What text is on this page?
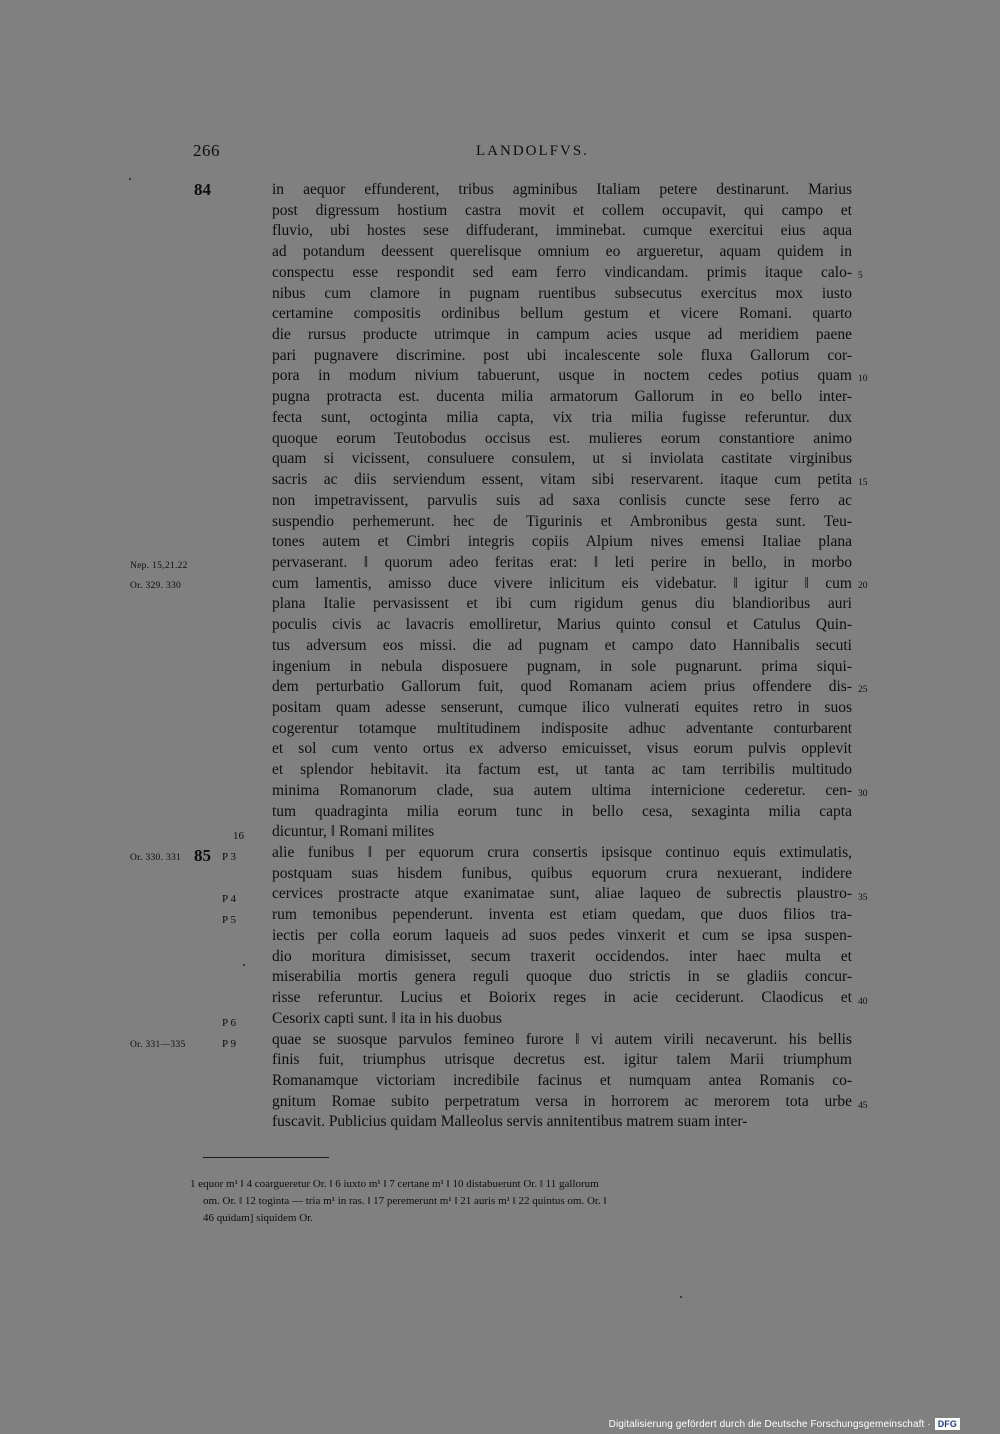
266	LANDOLFVS.
84
85
Nep. 15,21.22
Or. 329. 330
Or. 330. 331
Or. 331—335
16
P 3
P 4
P 5
P 6
P 9
5
10
15
20
25
30
35
40
45
in aequor effunderent, tribus agminibus Italiam petere destinarunt. Marius
post digressum hostium castra movit et collem occupavit, qui campo et
fluvio, ubi hostes sese diffuderant, imminebat. cumque exercitui eius aqua
ad potandum deessent querelisque omnium eo argueretur, aquam quidem in
conspectu esse respondit sed eam ferro vindicandam. primis itaque calo-
nibus cum clamore in pugnam ruentibus subsecutus exercitus mox iusto
certamine compositis ordinibus bellum gestum et vicere Romani. quarto
die rursus producte utrimque in campum acies usque ad meridiem paene
pari pugnavere discrimine. post ubi incalescente sole fluxa Gallorum cor-
pora in modum nivium tabuerunt, usque in noctem cedes potius quam
pugna protracta est. ducenta milia armatorum Gallorum in eo bello inter-
fecta sunt, octoginta milia capta, vix tria milia fugisse referuntur. dux
quoque eorum Teutobodus occisus est. mulieres eorum constantiore animo
quam si vicissent, consuluere consulem, ut si inviolata castitate virginibus
sacris ac diis serviendum essent, vitam sibi reservarent. itaque cum petita
non impetravissent, parvulis suis ad saxa conlisis cuncte sese ferro ac
suspendio perhemerunt. hec de Tigurinis et Ambronibus gesta sunt. Teu-
tones autem et Cimbri integris copiis Alpium nives emensi Italiae plana
pervaserant. ‖ quorum adeo feritas erat: ‖ leti perire in bello, in morbo
cum lamentis, amisso duce vivere inlicitum eis videbatur. ‖ igitur ‖ cum
plana Italie pervasissent et ibi cum rigidum genus diu blandioribus auri
poculis civis ac lavacris emolliretur, Marius quinto consul et Catulus Quin-
tus adversum eos missi. die ad pugnam et campo dato Hannibalis secuti
ingenium in nebula disposuere pugnam, in sole pugnarunt. prima siqui-
dem perturbatio Gallorum fuit, quod Romanam aciem prius offendere dis-
positam quam adesse senserunt, cumque ilico vulnerati equites retro in suos
cogerentur totamque multitudinem indisposite adhuc adventante conturbarent
et sol cum vento ortus ex adverso emicuisset, visus eorum pulvis opplevit
et splendor hebitavit. ita factum est, ut tanta ac tam terribilis multitudo
minima Romanorum clade, sua autem ultima internicione cederetur. cen-
tum quadraginta milia eorum tunc in bello cesa, sexaginta milia capta
dicuntur, ‖ Romani milites
alie funibus ‖ per equorum crura consertis ipsisque continuo equis extimulatis,
postquam suas hisdem funibus, quibus equorum crura nexuerant, indidere
cervices prostracte atque exanimatae sunt, aliae laqueo de subrectis plaustro-
rum temonibus pependerunt. inventa est etiam quedam, que duos filios tra-
iectis per colla eorum laqueis ad suos pedes vinxerit et cum se ipsa suspen-
dio moritura dimisisset, secum traxerit occidendos. inter haec multa et
miserabilia mortis genera reguli quoque duo strictis in se gladiis concur-
risse referuntur. Lucius et Boiorix reges in acie ceciderunt. Claodicus et
Cesorix capti sunt. ‖ ita in his duobus
quae se suosque parvulos femineo furore ‖ vi autem virili necaverunt. his bellis
finis fuit, triumphus utrisque decretus est. igitur talem Marii triumphum
Romanamque victoriam incredibile facinus et numquam antea Romanis co-
gnitum Romae subito perpetratum versa in horrorem ac merorem tota urbe
fuscavit. Publicius quidam Malleolus servis annitentibus matrem suam inter-
1 equor m¹ ‖ 4 coargueretur Or. ‖ 6 iuxto m¹ ‖ 7 certane m¹ ‖ 10 distabuerunt Or. ‖ 11 gallorum
om. Or. ‖ 12 toginta — tria m¹ in ras. ‖ 17 peremerunt m¹ ‖ 21 auris m¹ ‖ 22 quintus om. Or. ‖
46 quidam] siquidem Or.
Digitalisierung gefördert durch die Deutsche Forschungsgemeinschaft · DFG
